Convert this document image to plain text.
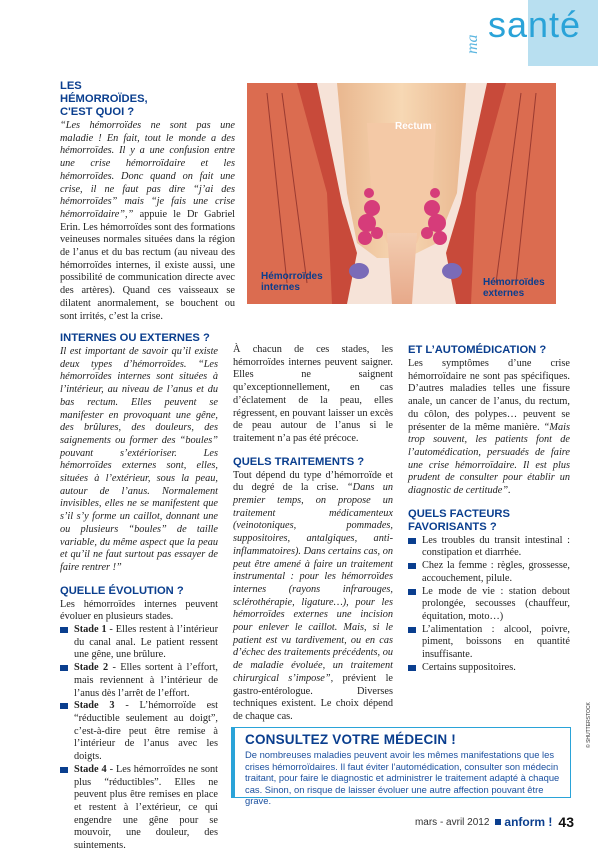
ma santé
LES HÉMORROÏDES, C'EST QUOI ?

“Les hémorroïdes ne sont pas une maladie ! En fait, tout le monde a des hémorroïdes. Il y a une confusion entre une crise hémorroïdaire et les hémorroïdes. Donc quand on fait une crise, il ne faut pas dire “j’ai des hémorroïdes” mais “je fais une crise hémorroïdaire”,” appuie le Dr Gabriel Erin. Les hémorroïdes sont des formations veineuses normales situées dans la région de l’anus et du bas rectum (au niveau des hémorroïdes internes, il existe aussi, une possibilité de communication directe avec des artères). Quand ces vaisseaux se dilatent anormalement, se bouchent ou sont irrités, c’est la crise.

Rectum
Hémorroïdes internes	Hémorroïdes externes
INTERNES OU EXTERNES ?

Il est important de savoir qu’il existe deux types d’hémorroïdes. “Les hémorroïdes internes sont situées à l’intérieur, au niveau de l’anus et du bas rectum. Elles peuvent se manifester en provoquant une gêne, des brûlures, des douleurs, des saignements ou former des “boules” pouvant s’extérioriser. Les hémorroïdes externes sont, elles, situées à l’extérieur, sous la peau, autour de l’anus. Normalement invisibles, elles ne se manifestent que s’il s’y forme un caillot, donnant une ou plusieurs “boules” de taille variable, du même aspect que la peau et qu’il ne faut surtout pas essayer de faire rentrer !”

QUELLE ÉVOLUTION ?

Les hémorroïdes internes peuvent évoluer en plusieurs stades.

Stade 1 - Elles restent à l’intérieur du canal anal. Le patient ressent une gêne, une brûlure.
Stade 2 - Elles sortent à l’effort, mais reviennent à l’intérieur de l’anus dès l’arrêt de l’effort.
Stade 3 - L’hémorroïde est “réductible seulement au doigt”, c’est-à-dire peut être remise à l’intérieur de l’anus avec les doigts.
Stade 4 - Les hémorroïdes ne sont plus “réductibles”. Elles ne peuvent plus être remises en place et restent à l’extérieur, ce qui engendre une gêne pour se mouvoir, une douleur, des suintements.

À chacun de ces stades, les hémorroïdes internes peuvent saigner. Elles ne saignent qu’exceptionnellement, en cas d’éclatement de la peau, elles régressent, en pouvant laisser un excès de peau autour de l’anus si le traitement n’a pas été précoce.

QUELS TRAITEMENTS ?

Tout dépend du type d’hémorroïde et du degré de la crise. “Dans un premier temps, on propose un traitement médicamenteux (veinotoniques, pommades, suppositoires, antalgiques, anti-inflammatoires). Dans certains cas, on peut être amené à faire un traitement instrumental : pour les hémorroïdes internes (rayons infrarouges, sclérothérapie, ligature…), pour les hémorroïdes externes une incision pour enlever le caillot. Mais, si le patient est vu tardivement, ou en cas d’échec des traitements précédents, ou de maladie évoluée, un traitement chirurgical s’impose”, prévient le gastro-entérologue. Diverses techniques existent. Le choix dépend de chaque cas.

ET L’AUTOMÉDICATION ?

Les symptômes d’une crise hémorroïdaire ne sont pas spécifiques. D’autres maladies telles une fissure anale, un cancer de l’anus, du rectum, du côlon, des polypes… peuvent se présenter de la même manière. “Mais trop souvent, les patients font de l’automédication, persuadés de faire une crise hémorroïdaire. Il est plus prudent de consulter pour établir un diagnostic de certitude”.

QUELS FACTEURS FAVORISANTS ?
Les troubles du transit intestinal : constipation et diarrhée.
Chez la femme : règles, grossesse, accouchement, pilule.
Le mode de vie : station debout prolongée, secousses (chauffeur, équitation, moto…)
L’alimentation : alcool, poivre, piment, boissons en quantité insuffisante.
Certains suppositoires.
CONSULTEZ VOTRE MÉDECIN !
De nombreuses maladies peuvent avoir les mêmes manifestations que les crises hémorroïdaires. Il faut éviter l’automédication, consulter son médecin traitant, pour faire le diagnostic et administrer le traitement adapté à chaque cas. Sinon, on risque de laisser évoluer une autre affection pouvant être grave.
© SHUTTERSTOCK
mars - avril 2012 anform ! 43
